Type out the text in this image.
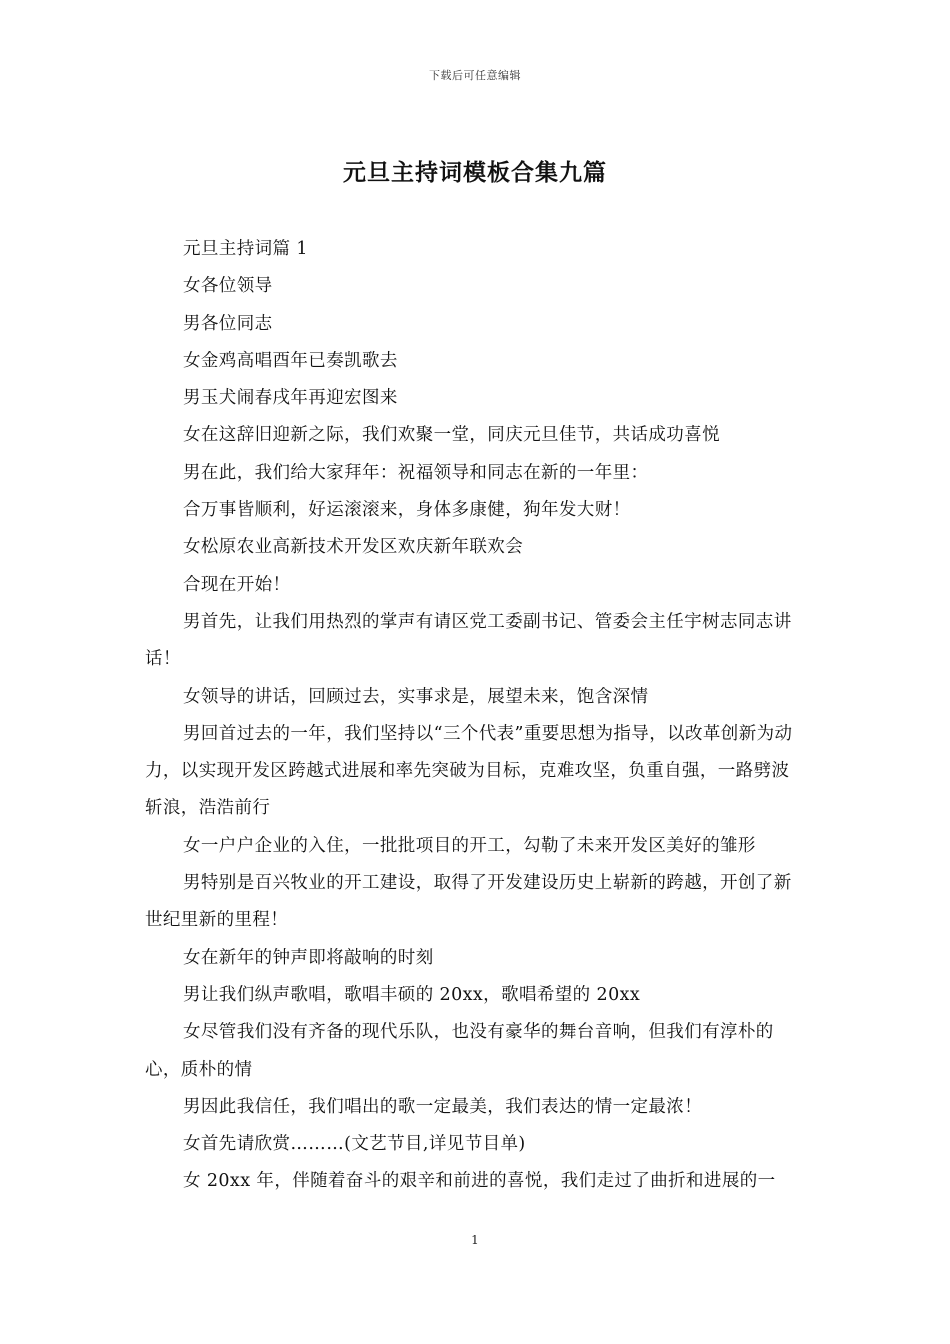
下载后可任意编辑
元旦主持词模板合集九篇

元旦主持词篇 1

女各位领导

男各位同志

女金鸡高唱酉年已奏凯歌去

男玉犬闹春戌年再迎宏图来

女在这辞旧迎新之际，我们欢聚一堂，同庆元旦佳节，共话成功喜悦

男在此，我们给大家拜年：祝福领导和同志在新的一年里：

合万事皆顺利，好运滚滚来，身体多康健，狗年发大财！

女松原农业高新技术开发区欢庆新年联欢会

合现在开始！

男首先，让我们用热烈的掌声有请区党工委副书记、管委会主任宇树志同志讲话！

女领导的讲话，回顾过去，实事求是，展望未来，饱含深情

男回首过去的一年，我们坚持以“三个代表”重要思想为指导，以改革创新为动力，以实现开发区跨越式进展和率先突破为目标，克难攻坚，负重自强，一路劈波斩浪，浩浩前行

女一户户企业的入住，一批批项目的开工，勾勒了未来开发区美好的雏形

男特别是百兴牧业的开工建设，取得了开发建设历史上崭新的跨越，开创了新世纪里新的里程！

女在新年的钟声即将敲响的时刻

男让我们纵声歌唱，歌唱丰硕的 20xx，歌唱希望的 20xx

女尽管我们没有齐备的现代乐队，也没有豪华的舞台音响，但我们有淳朴的心，质朴的情

男因此我信任，我们唱出的歌一定最美，我们表达的情一定最浓！

女首先请欣赏………(文艺节目,详见节目单)

女 20xx 年，伴随着奋斗的艰辛和前进的喜悦，我们走过了曲折和进展的一

1
